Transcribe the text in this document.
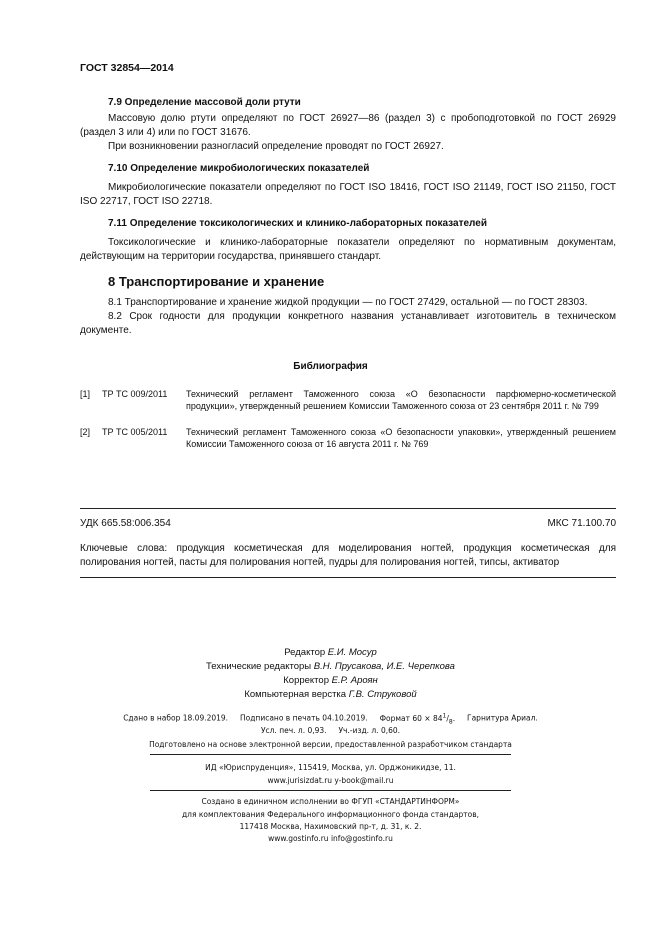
ГОСТ 32854—2014
7.9 Определение массовой доли ртути
Массовую долю ртути определяют по ГОСТ 26927—86 (раздел 3) с пробоподготовкой по ГОСТ 26929 (раздел 3 или 4) или по ГОСТ 31676.
При возникновении разногласий определение проводят по ГОСТ 26927.
7.10 Определение микробиологических показателей
Микробиологические показатели определяют по ГОСТ ISO 18416, ГОСТ ISO 21149, ГОСТ ISO 21150, ГОСТ ISO 22717, ГОСТ ISO 22718.
7.11 Определение токсикологических и клинико-лабораторных показателей
Токсикологические и клинико-лабораторные показатели определяют по нормативным документам, действующим на территории государства, принявшего стандарт.
8 Транспортирование и хранение
8.1 Транспортирование и хранение жидкой продукции — по ГОСТ 27429, остальной — по ГОСТ 28303.
8.2 Срок годности для продукции конкретного названия устанавливает изготовитель в техническом документе.
Библиография
[1] ТР ТС 009/2011 Технический регламент Таможенного союза «О безопасности парфюмерно-косметической продукции», утвержденный решением Комиссии Таможенного союза от 23 сентября 2011 г. № 799
[2] ТР ТС 005/2011 Технический регламент Таможенного союза «О безопасности упаковки», утвержденный решением Комиссии Таможенного союза от 16 августа 2011 г. № 769
УДК 665.58:006.354	МКС 71.100.70
Ключевые слова: продукция косметическая для моделирования ногтей, продукция косметическая для полирования ногтей, пасты для полирования ногтей, пудры для полирования ногтей, типсы, активатор
Редактор Е.И. Мосур
Технические редакторы В.Н. Прусакова, И.Е. Черепкова
Корректор Е.Р. Ароян
Компьютерная верстка Г.В. Струковой
Сдано в набор 18.09.2019. Подписано в печать 04.10.2019. Формат $60 \times 84^1/_8$. Гарнитура Ариал.
Усл. печ. л. 0,93. Уч.-изд. л. 0,60.
Подготовлено на основе электронной версии, предоставленной разработчиком стандарта
ИД «Юриспруденция», 115419, Москва, ул. Орджоникидзе, 11.
www.jurisizdat.ru y-book@mail.ru
Создано в единичном исполнении во ФГУП «СТАНДАРТИНФОРМ»
для комплектования Федерального информационного фонда стандартов,
117418 Москва, Нахимовский пр-т, д. 31, к. 2.
www.gostinfo.ru info@gostinfo.ru
